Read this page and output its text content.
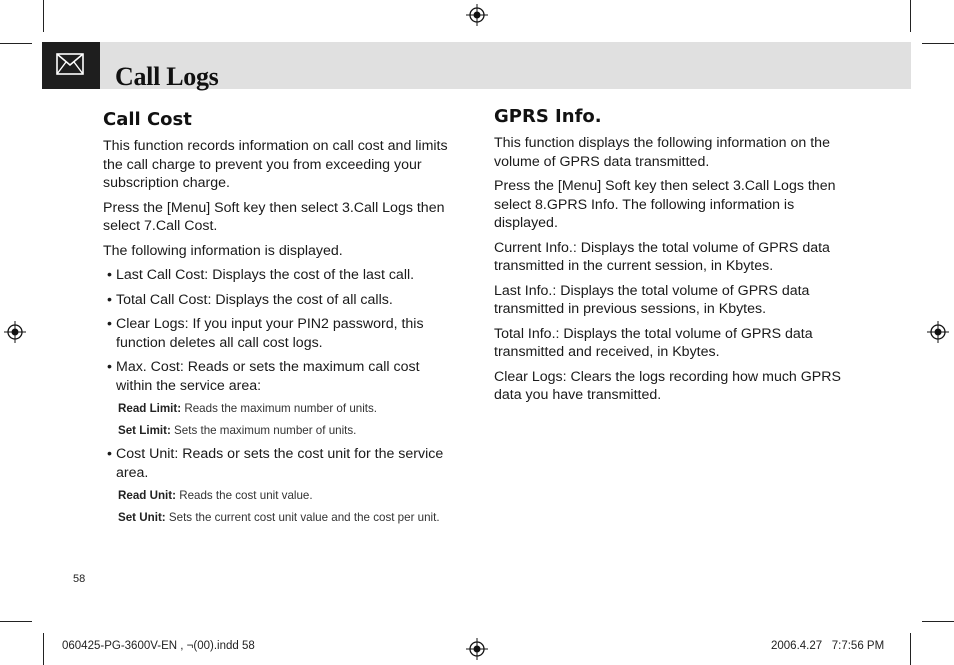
Call Logs
Call Cost

This function records information on call cost and limits the call charge to prevent you from exceeding your subscription charge.

Press the [Menu] Soft key then select 3.Call Logs then select 7.Call Cost.

The following information is displayed.

• Last Call Cost: Displays the cost of the last call.
• Total Call Cost: Displays the cost of all calls.
• Clear Logs: If you input your PIN2 password, this function deletes all call cost logs.
• Max. Cost: Reads or sets the maximum call cost within the service area:
Read Limit: Reads the maximum number of units.
Set Limit: Sets the maximum number of units.
• Cost Unit: Reads or sets the cost unit for the service area.
Read Unit: Reads the cost unit value.
Set Unit: Sets the current cost unit value and the cost per unit.
GPRS Info.

This function displays the following information on the volume of GPRS data transmitted.

Press the [Menu] Soft key then select 3.Call Logs then select 8.GPRS Info. The following information is displayed.

Current Info.: Displays the total volume of GPRS data transmitted in the current session, in Kbytes.

Last Info.: Displays the total volume of GPRS data transmitted in previous sessions, in Kbytes.

Total Info.: Displays the total volume of GPRS data transmitted and received, in Kbytes.

Clear Logs: Clears the logs recording how much GPRS data you have transmitted.

58
060425-PG-3600V-EN , ¬(00).indd 58	2006.4.27   7:7:56 PM
